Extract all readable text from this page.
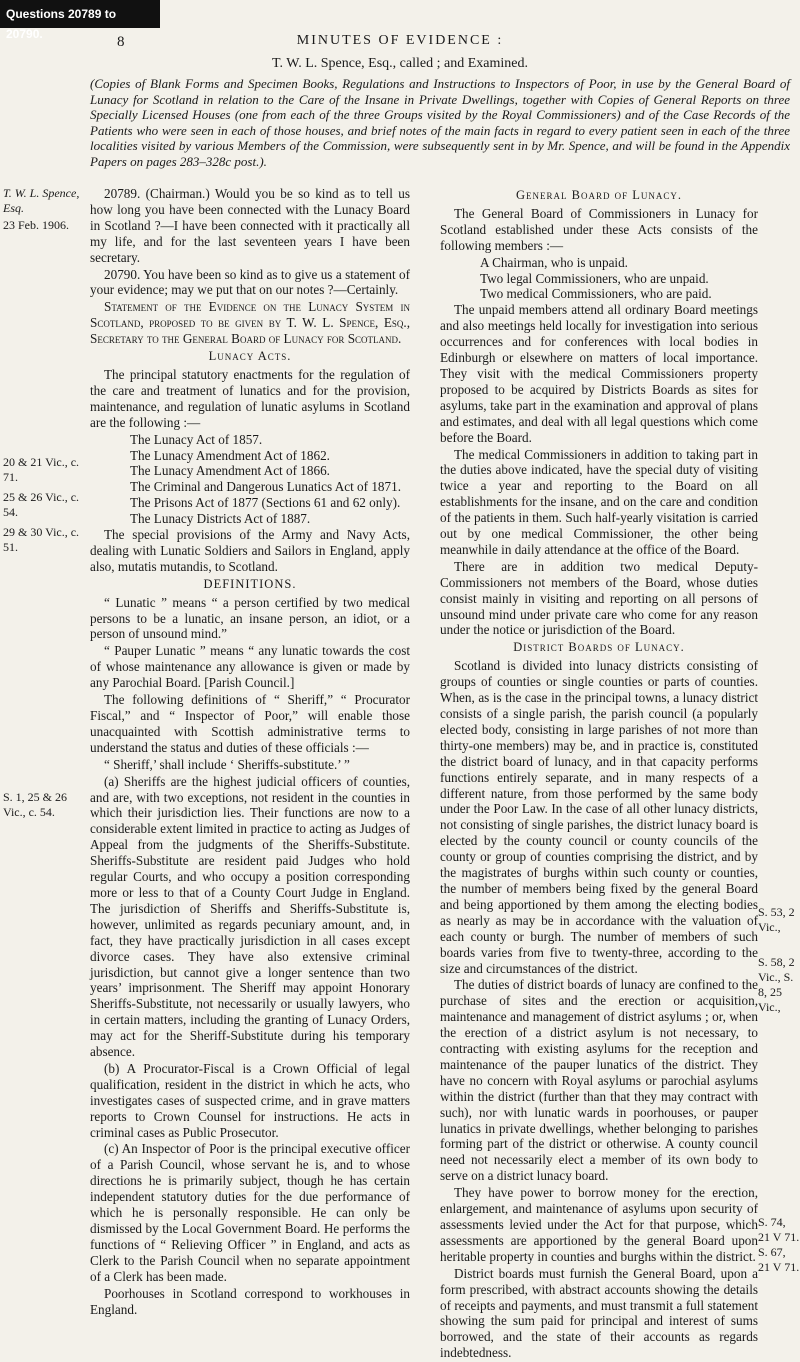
Questions 20789 to 20790.	8	MINUTES OF EVIDENCE :
T. W. L. Spence, Esq., called ; and Examined.
(Copies of Blank Forms and Specimen Books, Regulations and Instructions to Inspectors of Poor, in use by the General Board of Lunacy for Scotland in relation to the Care of the Insane in Private Dwellings, together with Copies of General Reports on three Specially Licensed Houses (one from each of the three Groups visited by the Royal Commissioners) and of the Case Records of the Patients who were seen in each of those houses, and brief notes of the main facts in regard to every patient seen in each of the three localities visited by various Members of the Commission, were subsequently sent in by Mr. Spence, and will be found in the Appendix Papers on pages 283–328c post.).
T. W. L. Spence, Esq.
23 Feb. 1906.
20 & 21 Vic., c. 71.
25 & 26 Vic., c. 54.
29 & 30 Vic., c. 51.
S. 1, 25 & 26 Vic., c. 54.
S. 53, 2 Vic.,
S. 58, 2 Vic., S. 8, 25 Vic.,
S. 74, 21 V 71. S. 67, 21 V 71.

20789. (Chairman.) Would you be so kind as to tell us how long you have been connected with the Lunacy Board in Scotland ?—I have been connected with it practically all my life, and for the last seventeen years I have been secretary.

20790. You have been so kind as to give us a statement of your evidence; may we put that on our notes ?—Certainly.

Statement of the Evidence on the Lunacy System in Scotland, proposed to be given by T. W. L. Spence, Esq., Secretary to the General Board of Lunacy for Scotland.

Lunacy Acts.

The principal statutory enactments for the regulation of the care and treatment of lunatics and for the provision, maintenance, and regulation of lunatic asylums in Scotland are the following :—

The Lunacy Act of 1857.
The Lunacy Amendment Act of 1862.
The Lunacy Amendment Act of 1866.
The Criminal and Dangerous Lunatics Act of 1871.
The Prisons Act of 1877 (Sections 61 and 62 only).
The Lunacy Districts Act of 1887.

The special provisions of the Army and Navy Acts, dealing with Lunatic Soldiers and Sailors in England, apply also, mutatis mutandis, to Scotland.

DEFINITIONS.

“ Lunatic ” means “ a person certified by two medical persons to be a lunatic, an insane person, an idiot, or a person of unsound mind.”

“ Pauper Lunatic ” means “ any lunatic towards the cost of whose maintenance any allowance is given or made by any Parochial Board. [Parish Council.]

The following definitions of “ Sheriff,” “ Procurator Fiscal,” and “ Inspector of Poor,” will enable those unacquainted with Scottish administrative terms to understand the status and duties of these officials :—

“ Sheriff,’ shall include ‘ Sheriffs-substitute.’ ”

(a) Sheriffs are the highest judicial officers of counties, and are, with two exceptions, not resident in the counties in which their jurisdiction lies. Their functions are now to a considerable extent limited in practice to acting as Judges of Appeal from the judgments of the Sheriffs-Substitute. Sheriffs-Substitute are resident paid Judges who hold regular Courts, and who occupy a position corresponding more or less to that of a County Court Judge in England. The jurisdiction of Sheriffs and Sheriffs-Substitute is, however, unlimited as regards pecuniary amount, and, in fact, they have practically jurisdiction in all cases except divorce cases. They have also extensive criminal jurisdiction, but cannot give a longer sentence than two years’ imprisonment. The Sheriff may appoint Honorary Sheriffs-Substitute, not necessarily or usually lawyers, who in certain matters, including the granting of Lunacy Orders, may act for the Sheriff-Substitute during his temporary absence.

(b) A Procurator-Fiscal is a Crown Official of legal qualification, resident in the district in which he acts, who investigates cases of suspected crime, and in grave matters reports to Crown Counsel for instructions. He acts in criminal cases as Public Prosecutor.

(c) An Inspector of Poor is the principal executive officer of a Parish Council, whose servant he is, and to whose directions he is primarily subject, though he has certain independent statutory duties for the due performance of which he is personally responsible. He can only be dismissed by the Local Government Board. He performs the functions of “ Relieving Officer ” in England, and acts as Clerk to the Parish Council when no separate appointment of a Clerk has been made.

Poorhouses in Scotland correspond to workhouses in England.

General Board of Lunacy.

The General Board of Commissioners in Lunacy for Scotland established under these Acts consists of the following members :—

A Chairman, who is unpaid.
Two legal Commissioners, who are unpaid.
Two medical Commissioners, who are paid.

The unpaid members attend all ordinary Board meetings and also meetings held locally for investigation into serious occurrences and for conferences with local bodies in Edinburgh or elsewhere on matters of local importance. They visit with the medical Commissioners property proposed to be acquired by Districts Boards as sites for asylums, take part in the examination and approval of plans and estimates, and deal with all legal questions which come before the Board.

The medical Commissioners in addition to taking part in the duties above indicated, have the special duty of visiting twice a year and reporting to the Board on all establishments for the insane, and on the care and condition of the patients in them. Such half-yearly visitation is carried out by one medical Commissioner, the other being meanwhile in daily attendance at the office of the Board.

There are in addition two medical Deputy-Commissioners not members of the Board, whose duties consist mainly in visiting and reporting on all persons of unsound mind under private care who come for any reason under the notice or jurisdiction of the Board.

District Boards of Lunacy.

Scotland is divided into lunacy districts consisting of groups of counties or single counties or parts of counties. When, as is the case in the principal towns, a lunacy district consists of a single parish, the parish council (a popularly elected body, consisting in large parishes of not more than thirty-one members) may be, and in practice is, constituted the district board of lunacy, and in that capacity performs functions entirely separate, and in many respects of a different nature, from those performed by the same body under the Poor Law. In the case of all other lunacy districts, not consisting of single parishes, the district lunacy board is elected by the county council or county councils of the county or group of counties comprising the district, and by the magistrates of burghs within such county or counties, the number of members being fixed by the general Board and being apportioned by them among the electing bodies as nearly as may be in accordance with the valuation of each county or burgh. The number of members of such boards varies from five to twenty-three, according to the size and circumstances of the district.

The duties of district boards of lunacy are confined to the purchase of sites and the erection or acquisition, maintenance and management of district asylums ; or, when the erection of a district asylum is not necessary, to contracting with existing asylums for the reception and maintenance of the pauper lunatics of the district. They have no concern with Royal asylums or parochial asylums within the district (further than that they may contract with such), nor with lunatic wards in poorhouses, or pauper lunatics in private dwellings, whether belonging to parishes forming part of the district or otherwise. A county council need not necessarily elect a member of its own body to serve on a district lunacy board.

They have power to borrow money for the erection, enlargement, and maintenance of asylums upon security of assessments levied under the Act for that purpose, which assessments are apportioned by the general Board upon heritable property in counties and burghs within the district.

District boards must furnish the General Board, upon a form prescribed, with abstract accounts showing the details of receipts and payments, and must transmit a full statement showing the sum paid for principal and interest of sums borrowed, and the state of their accounts as regards indebtedness.
